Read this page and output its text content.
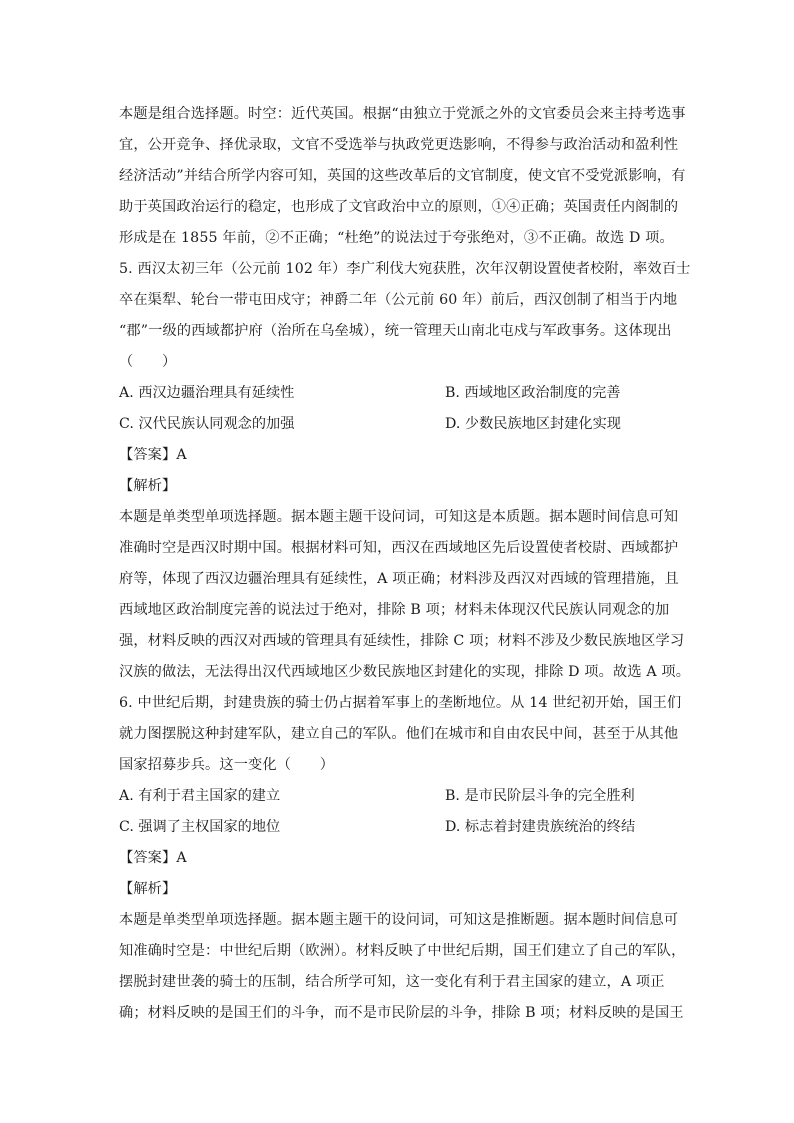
本题是组合选择题。时空：近代英国。根据“由独立于党派之外的文官委员会来主持考选事
宜，公开竞争、择优录取，文官不受选举与执政党更迭影响，不得参与政治活动和盈利性
经济活动”并结合所学内容可知，英国的这些改革后的文官制度，使文官不受党派影响，有
助于英国政治运行的稳定，也形成了文官政治中立的原则，①④正确；英国责任内阁制的
形成是在 1855 年前，②不正确；“杜绝”的说法过于夸张绝对，③不正确。故选 D 项。
5. 西汉太初三年（公元前 102 年）李广利伐大宛获胜，次年汉朝设置使者校附，率效百士
卒在渠犁、轮台一带屯田戍守；神爵二年（公元前 60 年）前后，西汉创制了相当于内地
“郡”一级的西域都护府（治所在乌垒城），统一管理天山南北屯戍与军政事务。这体现出
（　　）
A. 西汉边疆治理具有延续性	B. 西域地区政治制度的完善
C. 汉代民族认同观念的加强	D. 少数民族地区封建化实现
【答案】A
【解析】
本题是单类型单项选择题。据本题主题干设问词，可知这是本质题。据本题时间信息可知
准确时空是西汉时期中国。根据材料可知，西汉在西域地区先后设置使者校尉、西域都护
府等，体现了西汉边疆治理具有延续性，A 项正确；材料涉及西汉对西域的管理措施，且
西域地区政治制度完善的说法过于绝对，排除 B 项；材料未体现汉代民族认同观念的加
强，材料反映的西汉对西域的管理具有延续性，排除 C 项；材料不涉及少数民族地区学习
汉族的做法，无法得出汉代西域地区少数民族地区封建化的实现，排除 D 项。故选 A 项。
6. 中世纪后期，封建贵族的骑士仍占据着军事上的垄断地位。从 14 世纪初开始，国王们
就力图摆脱这种封建军队，建立自己的军队。他们在城市和自由农民中间，甚至于从其他
国家招募步兵。这一变化（　　）
A. 有利于君主国家的建立	B. 是市民阶层斗争的完全胜利
C. 强调了主权国家的地位	D. 标志着封建贵族统治的终结
【答案】A
【解析】
本题是单类型单项选择题。据本题主题干的设问词，可知这是推断题。据本题时间信息可
知准确时空是：中世纪后期（欧洲）。材料反映了中世纪后期，国王们建立了自己的军队，
摆脱封建世袭的骑士的压制，结合所学可知，这一变化有利于君主国家的建立，A 项正
确；材料反映的是国王们的斗争，而不是市民阶层的斗争，排除 B 项；材料反映的是国王
